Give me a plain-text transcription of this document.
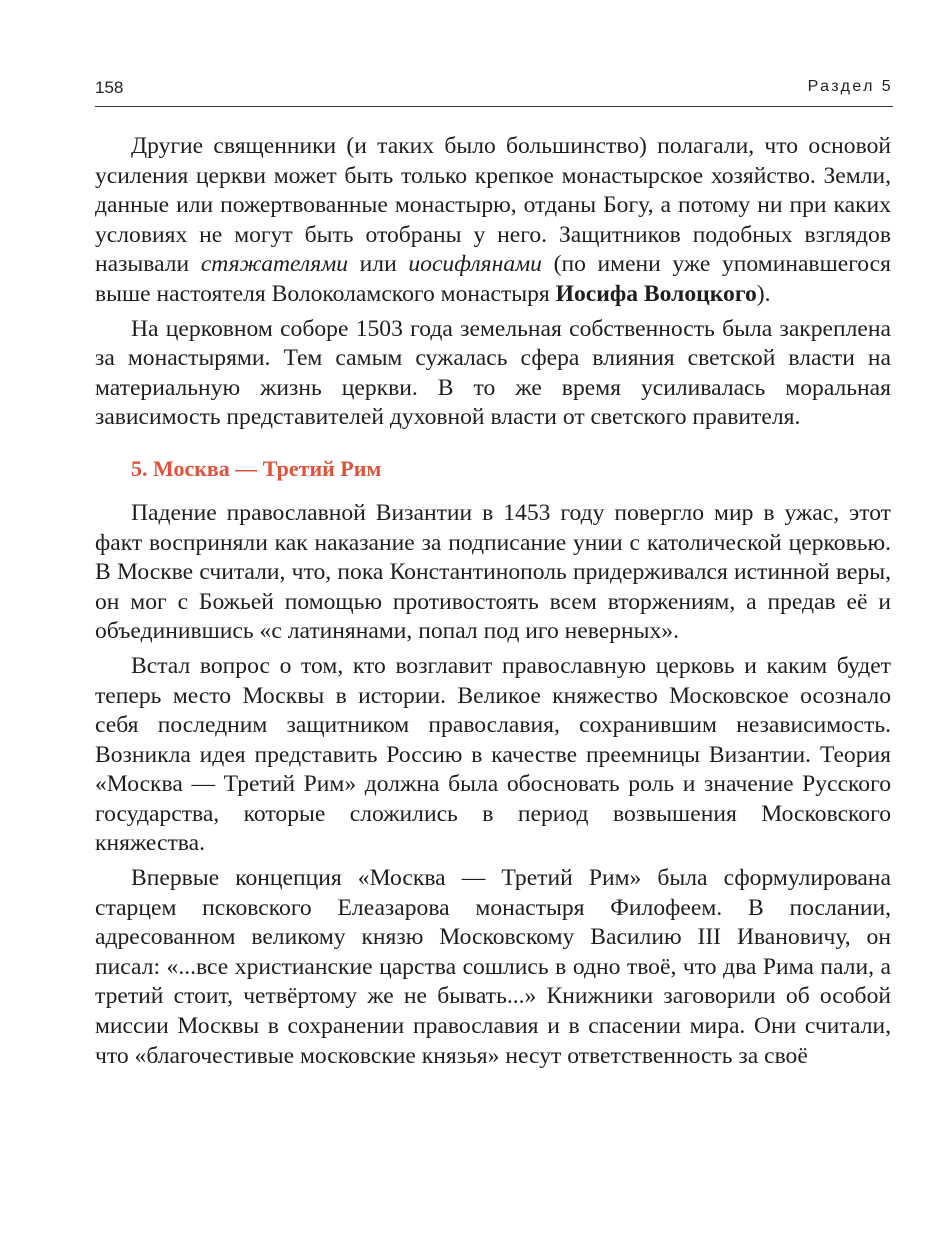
158	Раздел 5

Другие священники (и таких было большинство) полагали, что основой усиления церкви может быть только крепкое монастырское хозяйство. Земли, данные или пожертвованные монастырю, отданы Богу, а потому ни при каких условиях не могут быть отобраны у него. Защитников подобных взглядов называли стяжателями или иосифлянами (по имени уже упоминавшегося выше настоятеля Волоколамского монастыря Иосифа Волоцкого).

На церковном соборе 1503 года земельная собственность была закреплена за монастырями. Тем самым сужалась сфера влияния светской власти на материальную жизнь церкви. В то же время усиливалась моральная зависимость представителей духовной власти от светского правителя.

5. Москва — Третий Рим

Падение православной Византии в 1453 году повергло мир в ужас, этот факт восприняли как наказание за подписание унии с католической церковью. В Москве считали, что, пока Константинополь придерживался истинной веры, он мог с Божьей помощью противостоять всем вторжениям, а предав её и объединившись «с латинянами, попал под иго неверных».

Встал вопрос о том, кто возглавит православную церковь и каким будет теперь место Москвы в истории. Великое княжество Московское осознало себя последним защитником православия, сохранившим независимость. Возникла идея представить Россию в качестве преемницы Византии. Теория «Москва — Третий Рим» должна была обосновать роль и значение Русского государства, которые сложились в период возвышения Московского княжества.

Впервые концепция «Москва — Третий Рим» была сформулирована старцем псковского Елеазарова монастыря Филофеем. В послании, адресованном великому князю Московскому Василию III Ивановичу, он писал: «...все христианские царства сошлись в одно твоё, что два Рима пали, а третий стоит, четвёртому же не бывать...» Книжники заговорили об особой миссии Москвы в сохранении православия и в спасении мира. Они считали, что «благочестивые московские князья» несут ответственность за своё
